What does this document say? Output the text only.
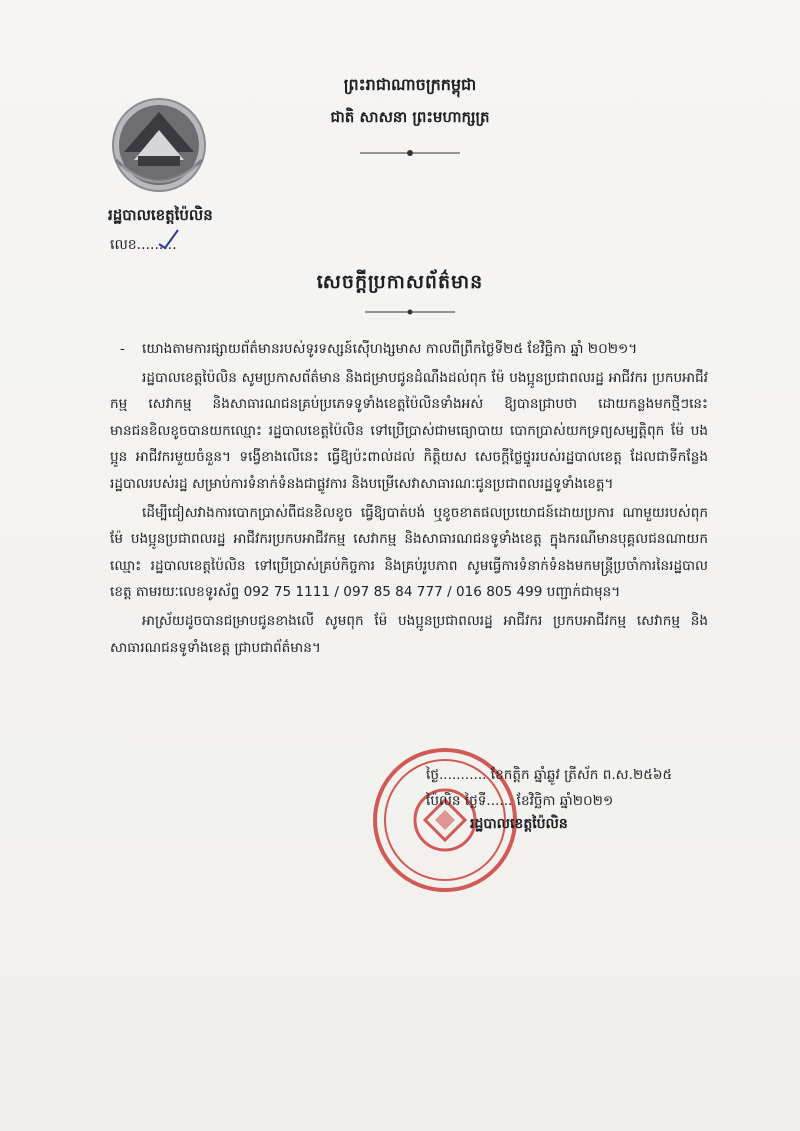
រដ្ឋបាលខេត្តប៉ៃលិន
លេខ.........
ព្រះរាជាណាចក្រកម្ពុជា
ជាតិ សាសនា ព្រះមហាក្សត្រ
សេចក្តីប្រកាសព័ត៌មាន

- យោងតាមការផ្សាយព័ត៌មានរបស់ទូរទស្សន៍ស៊ើហង្សមាស កាលពីព្រឹកថ្ងៃទី២៥ ខែវិច្ឆិកា ឆ្នាំ ២០២១។

រដ្ឋបាលខេត្តប៉ៃលិន សូមប្រកាសព័ត៌មាន និងជម្រាបជូនដំណឹងដល់ពុក ម៉ែ បងប្អូនប្រជាពលរដ្ឋ អាជីវករ ប្រកបអាជីវកម្ម សេវាកម្ម និងសាធារណជនគ្រប់ប្រភេទទូទាំងខេត្តប៉ៃលិនទាំងអស់ ឱ្យបានជ្រាបថា ដោយកន្លងមកថ្មីៗនេះមានជនខិលខូចបានយកឈ្មោះ រដ្ឋបាលខេត្តប៉ៃលិន ទៅប្រើប្រាស់ជាមធ្យោបាយ បោកប្រាស់យកទ្រព្យសម្បត្តិពុក ម៉ែ បងប្អូន អាជីវករមួយចំនួន។ ទង្វើខាងលើនេះ ធ្វើឱ្យប៉ះពាល់ដល់ កិត្តិយស សេចក្តីថ្លៃថ្នូររបស់រដ្ឋបាលខេត្ត ដែលជាទីកន្លែងរដ្ឋបាលរបស់រដ្ឋ សម្រាប់ការទំនាក់ទំនងជាផ្លូវការ និងបម្រើសេវាសាធារណៈជូនប្រជាពលរដ្ឋទូទាំងខេត្ត។

ដើម្បីជៀសវាងការបោកប្រាស់ពីជនខិលខូច ធ្វើឱ្យបាត់បង់ ឬខូចខាតផលប្រយោជន៍ដោយប្រការ ណាមួយរបស់ពុក ម៉ែ បងប្អូនប្រជាពលរដ្ឋ អាជីវករប្រកបអាជីវកម្ម សេវាកម្ម និងសាធារណជនទូទាំងខេត្ត ក្នុងករណីមានបុគ្គលជនណាយកឈ្មោះ រដ្ឋបាលខេត្តប៉ៃលិន ទៅប្រើប្រាស់គ្រប់កិច្ចការ និងគ្រប់រូបភាព សូមធ្វើការទំនាក់ទំនងមកមន្ត្រីប្រចាំការនៃរដ្ឋបាលខេត្ត តាមរយៈលេខទូរស័ព្ទ 092 75 1111 / 097 85 84 777 / 016 805 499 បញ្ជាក់ជាមុន។

អាស្រ័យដូចបានជម្រាបជូនខាងលើ សូមពុក ម៉ែ បងប្អូនប្រជាពលរដ្ឋ អាជីវករ ប្រកបអាជីវកម្ម សេវាកម្ម និងសាធារណជនទូទាំងខេត្ត ជ្រាបជាព័ត៌មាន។

ថ្ងៃ........... ខែកត្ដិក ឆ្នាំឆ្លូវ ត្រីស័ក ព.ស.២៥៦៥
ប៉ៃលិន ថ្ងៃទី...... ខែវិច្ឆិកា ឆ្នាំ២០២១
រដ្ឋបាលខេត្តប៉ៃលិន
